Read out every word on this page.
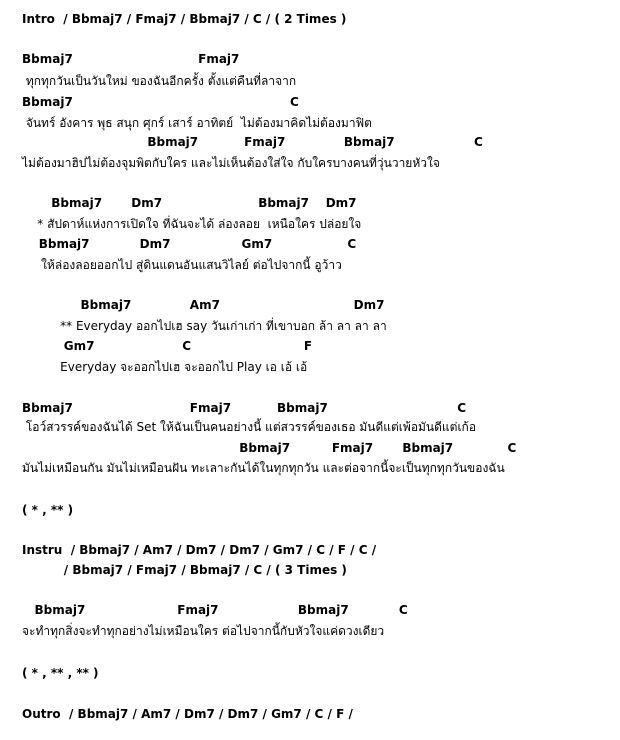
Intro  / Bbmaj7 / Fmaj7 / Bbmaj7 / C / ( 2 Times )
Bbmaj7                              Fmaj7
ทุกทุกวันเป็นวันใหม่ ของฉันอีกครั้ง ตั้งแต่คืนที่ลาจาก
Bbmaj7                                                    C
จันทร์ อังคาร พุธ สนุก ศุกร์ เสาร์ อาทิตย์  ไม่ต้องมาคิดไม่ต้องมาฟิต
Bbmaj7           Fmaj7              Bbmaj7                   C
ไม่ต้องมาฮิปไม่ต้องจุมพิตกับใคร และไม่เห็นต้องใส่ใจ กับใครบางคนที่วุ่นวายหัวใจ
Bbmaj7       Dm7                       Bbmaj7    Dm7
* สัปดาห์แห่งการเปิดใจ ที่ฉันจะได้ ล่องลอย  เหนือใคร ปล่อยใจ
Bbmaj7            Dm7                 Gm7                  C
ให้ล่องลอยออกไป สู่ดินแดนอันแสนวิไลย์ ต่อไปจากนี้ อูว้าว
Bbmaj7              Am7                                Dm7
** Everyday ออกไปเฮ say วันเก่าเก่า ที่เขาบอก ล้า ลา ลา ลา
Gm7                     C                           F
Everyday จะออกไปเฮ จะออกไป Play เอ เอ้ เอ้
Bbmaj7                            Fmaj7           Bbmaj7                               C
โอว์สวรรค์ของฉันได้ Set ให้ฉันเป็นคนอย่างนี้ แต่สวรรค์ของเธอ มันดีแต่เพ้อมันดีแต่เก้อ
Bbmaj7          Fmaj7       Bbmaj7             C
มันไม่เหมือนกัน มันไม่เหมือนฝัน ทะเลาะกันได้ในทุกทุกวัน และต่อจากนี้จะเป็นทุกทุกวันของฉัน
( * , ** )
Instru  / Bbmaj7 / Am7 / Dm7 / Dm7 / Gm7 / C / F / C /
/ Bbmaj7 / Fmaj7 / Bbmaj7 / C / ( 3 Times )
Bbmaj7                      Fmaj7                   Bbmaj7            C
จะทำทุกสิ่งจะทำทุกอย่างไม่เหมือนใคร ต่อไปจากนี้กับหัวใจแค่ดวงเดียว
( * , ** , ** )
Outro  / Bbmaj7 / Am7 / Dm7 / Dm7 / Gm7 / C / F /
